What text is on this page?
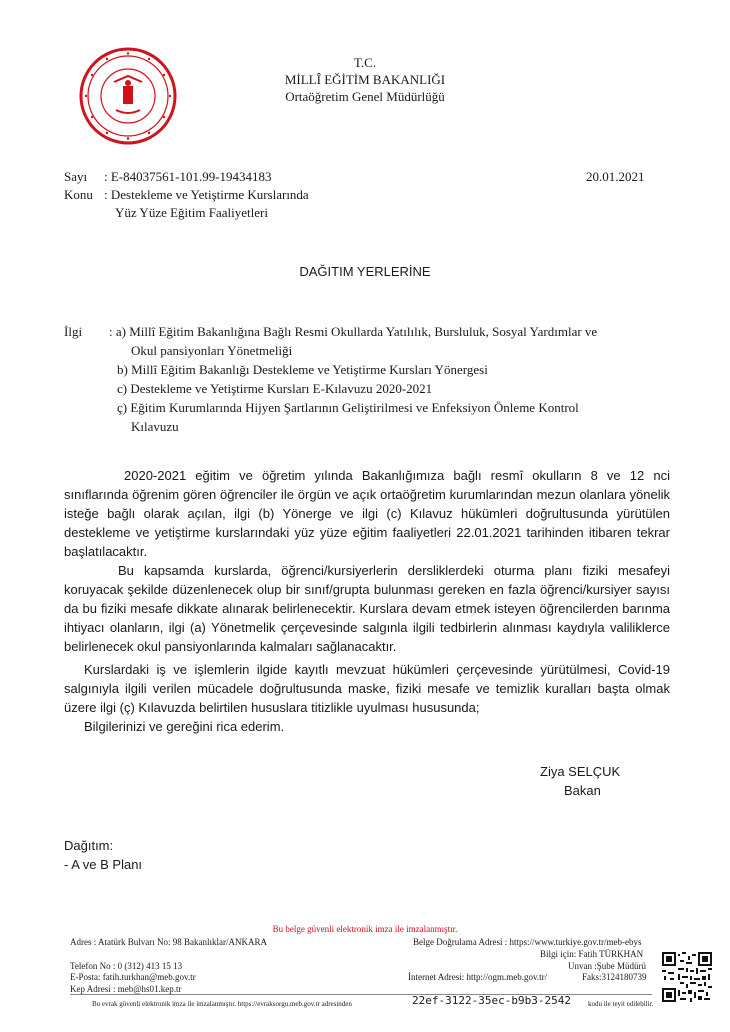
T.C.
MİLLÎ EĞİTİM BAKANLIĞI
Ortaöğretim Genel Müdürlüğü
Sayı : E-84037561-101.99-19434183	20.01.2021
Konu : Destekleme ve Yetiştirme Kurslarında
Yüz Yüze Eğitim Faaliyetleri
DAĞITIM YERLERİNE
İlgi : a) Millî Eğitim Bakanlığına Bağlı Resmi Okullarda Yatılılık, Bursluluk, Sosyal Yardımlar ve
Okul pansiyonları Yönetmeliği
b) Millî Eğitim Bakanlığı Destekleme ve Yetiştirme Kursları Yönergesi
c) Destekleme ve Yetiştirme Kursları E-Kılavuzu 2020-2021
ç) Eğitim Kurumlarında Hijyen Şartlarının Geliştirilmesi ve Enfeksiyon Önleme Kontrol
Kılavuzu

2020-2021 eğitim ve öğretim yılında Bakanlığımıza bağlı resmî okulların 8 ve 12 nci sınıflarında öğrenim gören öğrenciler ile örgün ve açık ortaöğretim kurumlarından mezun olanlara yönelik isteğe bağlı olarak açılan, ilgi (b) Yönerge ve ilgi (c) Kılavuz hükümleri doğrultusunda yürütülen destekleme ve yetiştirme kurslarındaki yüz yüze eğitim faaliyetleri 22.01.2021 tarihinden itibaren tekrar başlatılacaktır.

Bu kapsamda kurslarda, öğrenci/kursiyerlerin dersliklerdeki oturma planı fiziki mesafeyi koruyacak şekilde düzenlenecek olup bir sınıf/grupta bulunması gereken en fazla öğrenci/kursiyer sayısı da bu fiziki mesafe dikkate alınarak belirlenecektir. Kurslara devam etmek isteyen öğrencilerden barınma ihtiyacı olanların, ilgi (a) Yönetmelik çerçevesinde salgınla ilgili tedbirlerin alınması kaydıyla valiliklerce belirlenecek okul pansiyonlarında kalmaları sağlanacaktır.

Kurslardaki iş ve işlemlerin ilgide kayıtlı mevzuat hükümleri çerçevesinde yürütülmesi, Covid-19 salgınıyla ilgili verilen mücadele doğrultusunda maske, fiziki mesafe ve temizlik kuralları başta olmak üzere ilgi (ç) Kılavuzda belirtilen hususlara titizlikle uyulması hususunda;

Bilgilerinizi ve gereğini rica ederim.

Ziya SELÇUK
Bakan
Dağıtım:
- A ve B Planı
Bu belge güvenli elektronik imza ile imzalanmıştır.
Adres : Atatürk Bulvarı No: 98 Bakanlıklar/ANKARA	Belge Doğrulama Adresi : https://www.turkiye.gov.tr/meb-ebys
Bilgi için: Fatih TÜRKHAN
Telefon No : 0 (312) 413 15 13	Unvan :Şube Müdürü
E-Posta: fatih.turkhan@meb.gov.tr	İnternet Adresi: http://ogm.meb.gov.tr/	Faks:3124180739
Kep Adresi : meb@hs01.kep.tr
Bu evrak güvenli elektronik imza ile imzalanmıştır. https://evraksorgu.meb.gov.tr adresinden	22ef-3122-35ec-b9b3-2542 kodu ile teyit edilebilir.
